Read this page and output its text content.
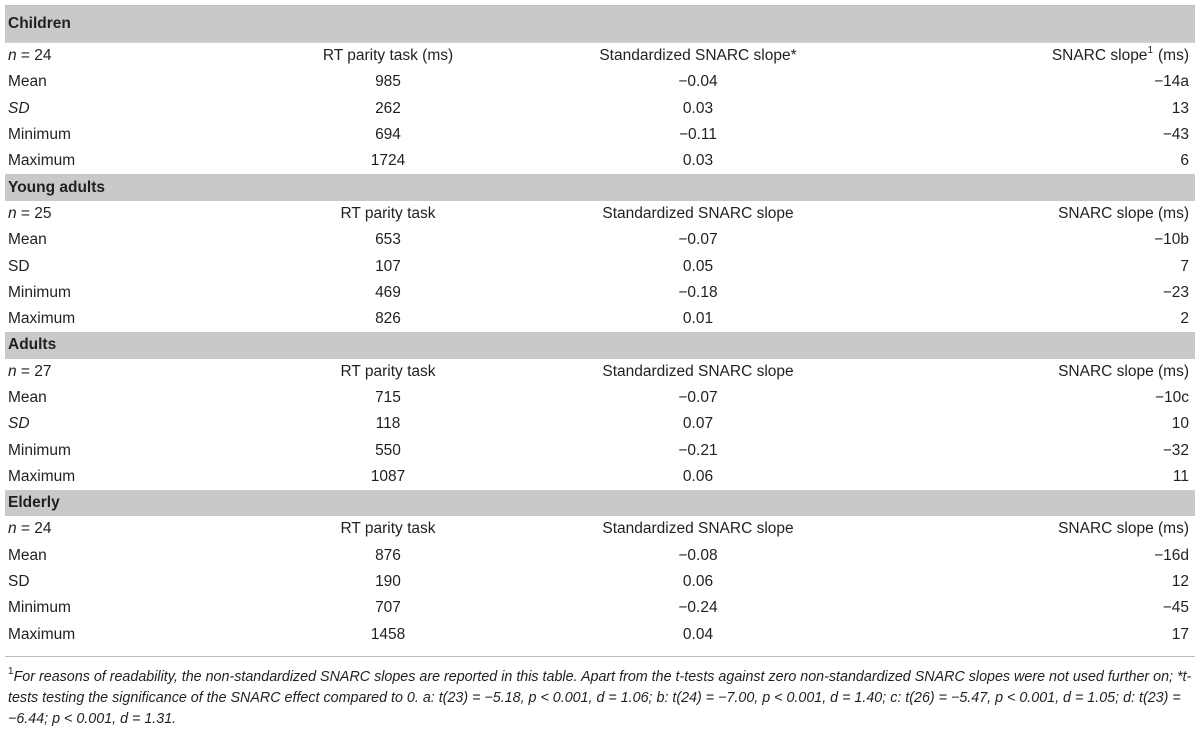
Children			
n = 24	RT parity task (ms)	Standardized SNARC slope*	SNARC slope$^1$ (ms)
Mean	985	−0.04	−14a
SD	262	0.03	13
Minimum	694	−0.11	−43
Maximum	1724	0.03	6
Young adults			
n = 25	RT parity task	Standardized SNARC slope	SNARC slope (ms)
Mean	653	−0.07	−10b
SD	107	0.05	7
Minimum	469	−0.18	−23
Maximum	826	0.01	2
Adults			
n = 27	RT parity task	Standardized SNARC slope	SNARC slope (ms)
Mean	715	−0.07	−10c
SD	118	0.07	10
Minimum	550	−0.21	−32
Maximum	1087	0.06	11
Elderly			
n = 24	RT parity task	Standardized SNARC slope	SNARC slope (ms)
Mean	876	−0.08	−16d
SD	190	0.06	12
Minimum	707	−0.24	−45
Maximum	1458	0.04	17
$^1$For reasons of readability, the non-standardized SNARC slopes are reported in this table. Apart from the t-tests against zero non-standardized SNARC slopes were not used further on; *t-tests testing the significance of the SNARC effect compared to 0. a: t(23) = −5.18, p < 0.001, d = 1.06; b: t(24) = −7.00, p < 0.001, d = 1.40; c: t(26) = −5.47, p < 0.001, d = 1.05; d: t(23) = −6.44; p < 0.001, d = 1.31.
